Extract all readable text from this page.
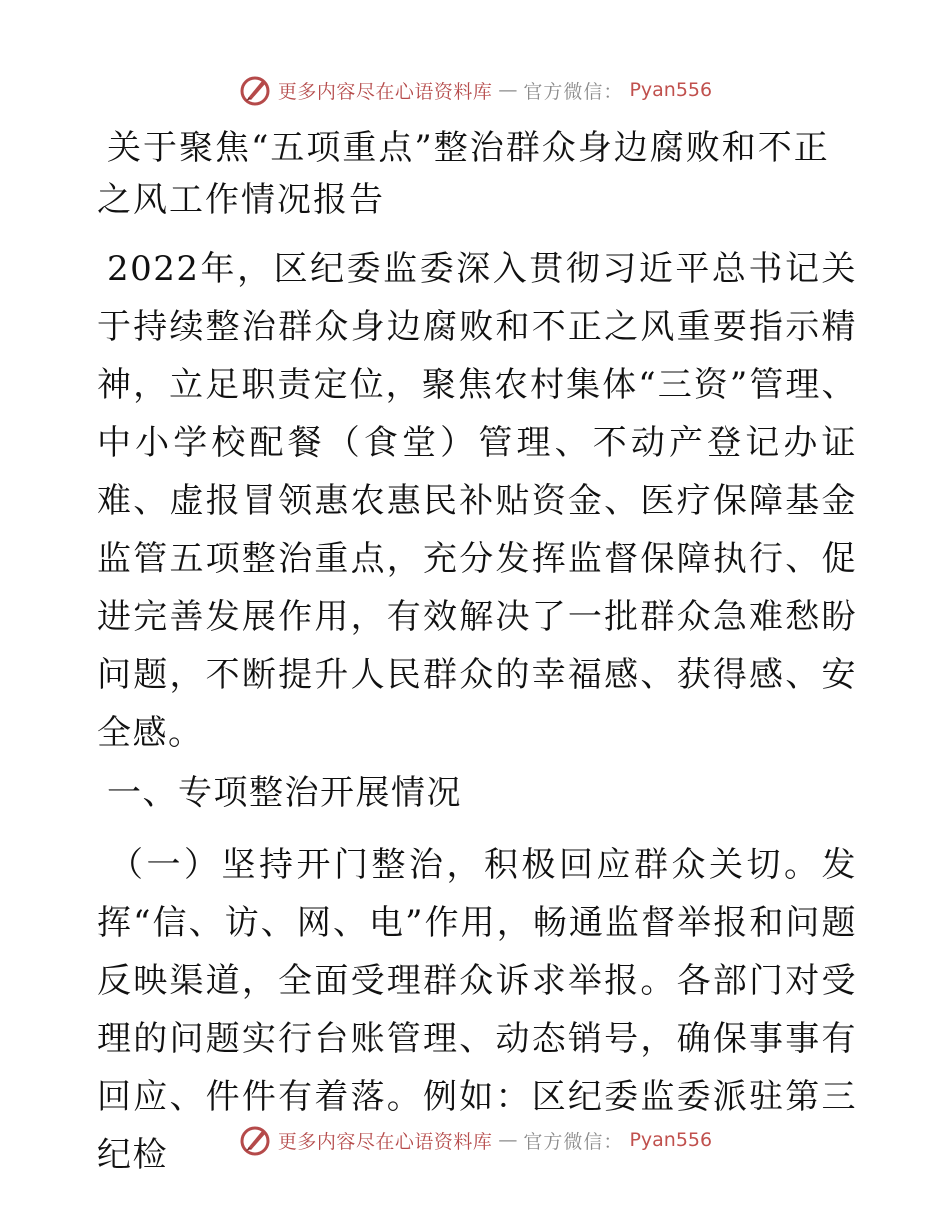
更多内容尽在心语资料库 — 官方微信： Pyan556
关于聚焦“五项重点”整治群众身边腐败和不正之风工作情况报告

2022年，区纪委监委深入贯彻习近平总书记关于持续整治群众身边腐败和不正之风重要指示精神，立足职责定位，聚焦农村集体“三资”管理、中小学校配餐（食堂）管理、不动产登记办证难、虚报冒领惠农惠民补贴资金、医疗保障基金监管五项整治重点，充分发挥监督保障执行、促进完善发展作用，有效解决了一批群众急难愁盼问题，不断提升人民群众的幸福感、获得感、安全感。

一、专项整治开展情况

（一）坚持开门整治，积极回应群众关切。发挥“信、访、网、电”作用，畅通监督举报和问题反映渠道，全面受理群众诉求举报。各部门对受理的问题实行台账管理、动态销号，确保事事有回应、件件有着落。例如：区纪委监委派驻第三纪检	更多内容尽在心语资料库 — 官方微信： Pyan556
